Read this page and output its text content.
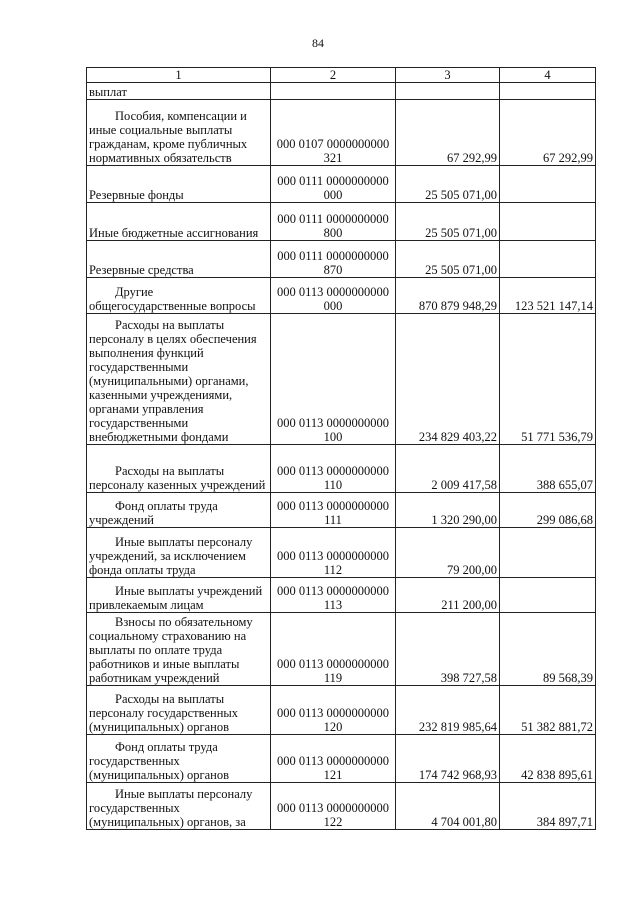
84
1	2	3	4

выплат			

Пособия, компенсации и иные социальные выплаты гражданам, кроме публичных нормативных обязательств	000 0107 0000000000 321	67 292,99	67 292,99

Резервные фонды	000 0111 0000000000 000	25 505 071,00	

Иные бюджетные ассигнования	000 0111 0000000000 800	25 505 071,00	

Резервные средства	000 0111 0000000000 870	25 505 071,00	

Другие общегосударственные вопросы	000 0113 0000000000 000	870 879 948,29	123 521 147,14

Расходы на выплаты персоналу в целях обеспечения выполнения функций государственными (муниципальными) органами, казенными учреждениями, органами управления государственными внебюджетными фондами	000 0113 0000000000 100	234 829 403,22	51 771 536,79

Расходы на выплаты персоналу казенных учреждений	000 0113 0000000000 110	2 009 417,58	388 655,07

Фонд оплаты труда учреждений	000 0113 0000000000 111	1 320 290,00	299 086,68

Иные выплаты персоналу учреждений, за исключением фонда оплаты труда	000 0113 0000000000 112	79 200,00	

Иные выплаты учреждений привлекаемым лицам	000 0113 0000000000 113	211 200,00	

Взносы по обязательному социальному страхованию на выплаты по оплате труда работников и иные выплаты работникам учреждений	000 0113 0000000000 119	398 727,58	89 568,39

Расходы на выплаты персоналу государственных (муниципальных) органов	000 0113 0000000000 120	232 819 985,64	51 382 881,72

Фонд оплаты труда государственных (муниципальных) органов	000 0113 0000000000 121	174 742 968,93	42 838 895,61

Иные выплаты персоналу государственных (муниципальных) органов, за	000 0113 0000000000 122	4 704 001,80	384 897,71
